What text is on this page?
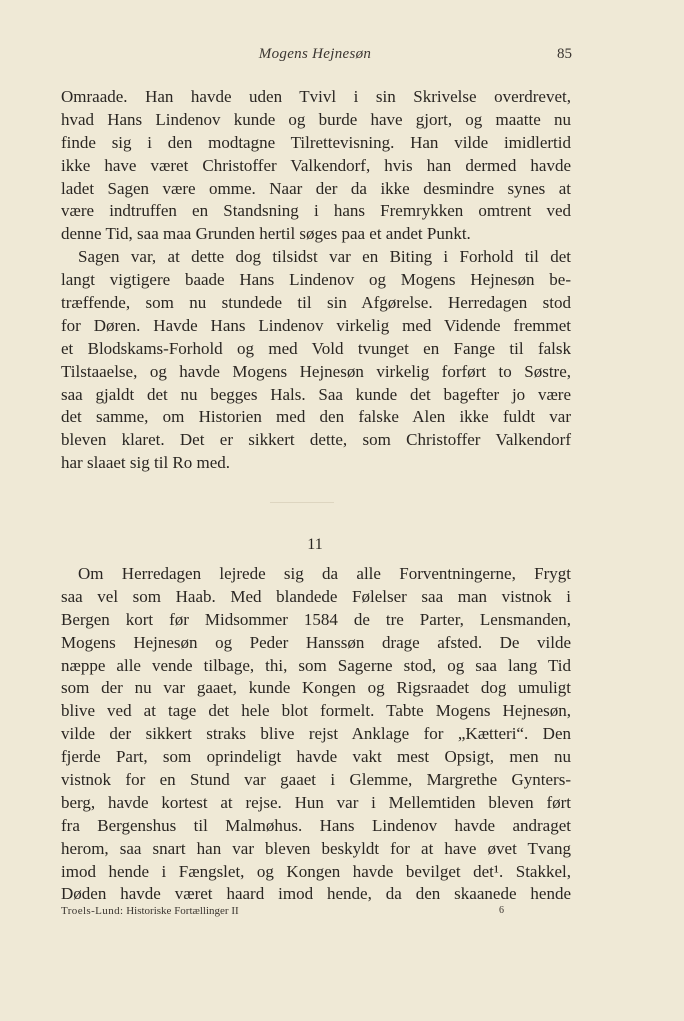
Mogens Hejnesøn	85
Omraade. Han havde uden Tvivl i sin Skrivelse overdrevet,
hvad Hans Lindenov kunde og burde have gjort, og maatte nu
finde sig i den modtagne Tilrettevisning. Han vilde imidlertid
ikke have været Christoffer Valkendorf, hvis han dermed havde
ladet Sagen være omme. Naar der da ikke desmindre synes at
være indtruffen en Standsning i hans Fremrykken omtrent ved
denne Tid, saa maa Grunden hertil søges paa et andet Punkt.
Sagen var, at dette dog tilsidst var en Biting i Forhold til det
langt vigtigere baade Hans Lindenov og Mogens Hejnesøn be-
træffende, som nu stundede til sin Afgørelse. Herredagen stod
for Døren. Havde Hans Lindenov virkelig med Vidende fremmet
et Blodskams-Forhold og med Vold tvunget en Fange til falsk
Tilstaaelse, og havde Mogens Hejnesøn virkelig forført to Søstre,
saa gjaldt det nu begges Hals. Saa kunde det bagefter jo være
det samme, om Historien med den falske Alen ikke fuldt var
bleven klaret. Det er sikkert dette, som Christoffer Valkendorf
har slaaet sig til Ro med.
11
Om Herredagen lejrede sig da alle Forventningerne, Frygt
saa vel som Haab. Med blandede Følelser saa man vistnok i
Bergen kort før Midsommer 1584 de tre Parter, Lensmanden,
Mogens Hejnesøn og Peder Hanssøn drage afsted. De vilde
næppe alle vende tilbage, thi, som Sagerne stod, og saa lang Tid
som der nu var gaaet, kunde Kongen og Rigsraadet dog umuligt
blive ved at tage det hele blot formelt. Tabte Mogens Hejnesøn,
vilde der sikkert straks blive rejst Anklage for „Kætteri“. Den
fjerde Part, som oprindeligt havde vakt mest Opsigt, men nu
vistnok for en Stund var gaaet i Glemme, Margrethe Gynters-
berg, havde kortest at rejse. Hun var i Mellemtiden bleven ført
fra Bergenshus til Malmøhus. Hans Lindenov havde andraget
herom, saa snart han var bleven beskyldt for at have øvet Tvang
imod hende i Fængslet, og Kongen havde bevilget det¹. Stakkel,
Døden havde været haard imod hende, da den skaanede hende
Troels-Lund: Historiske Fortællinger II	6
